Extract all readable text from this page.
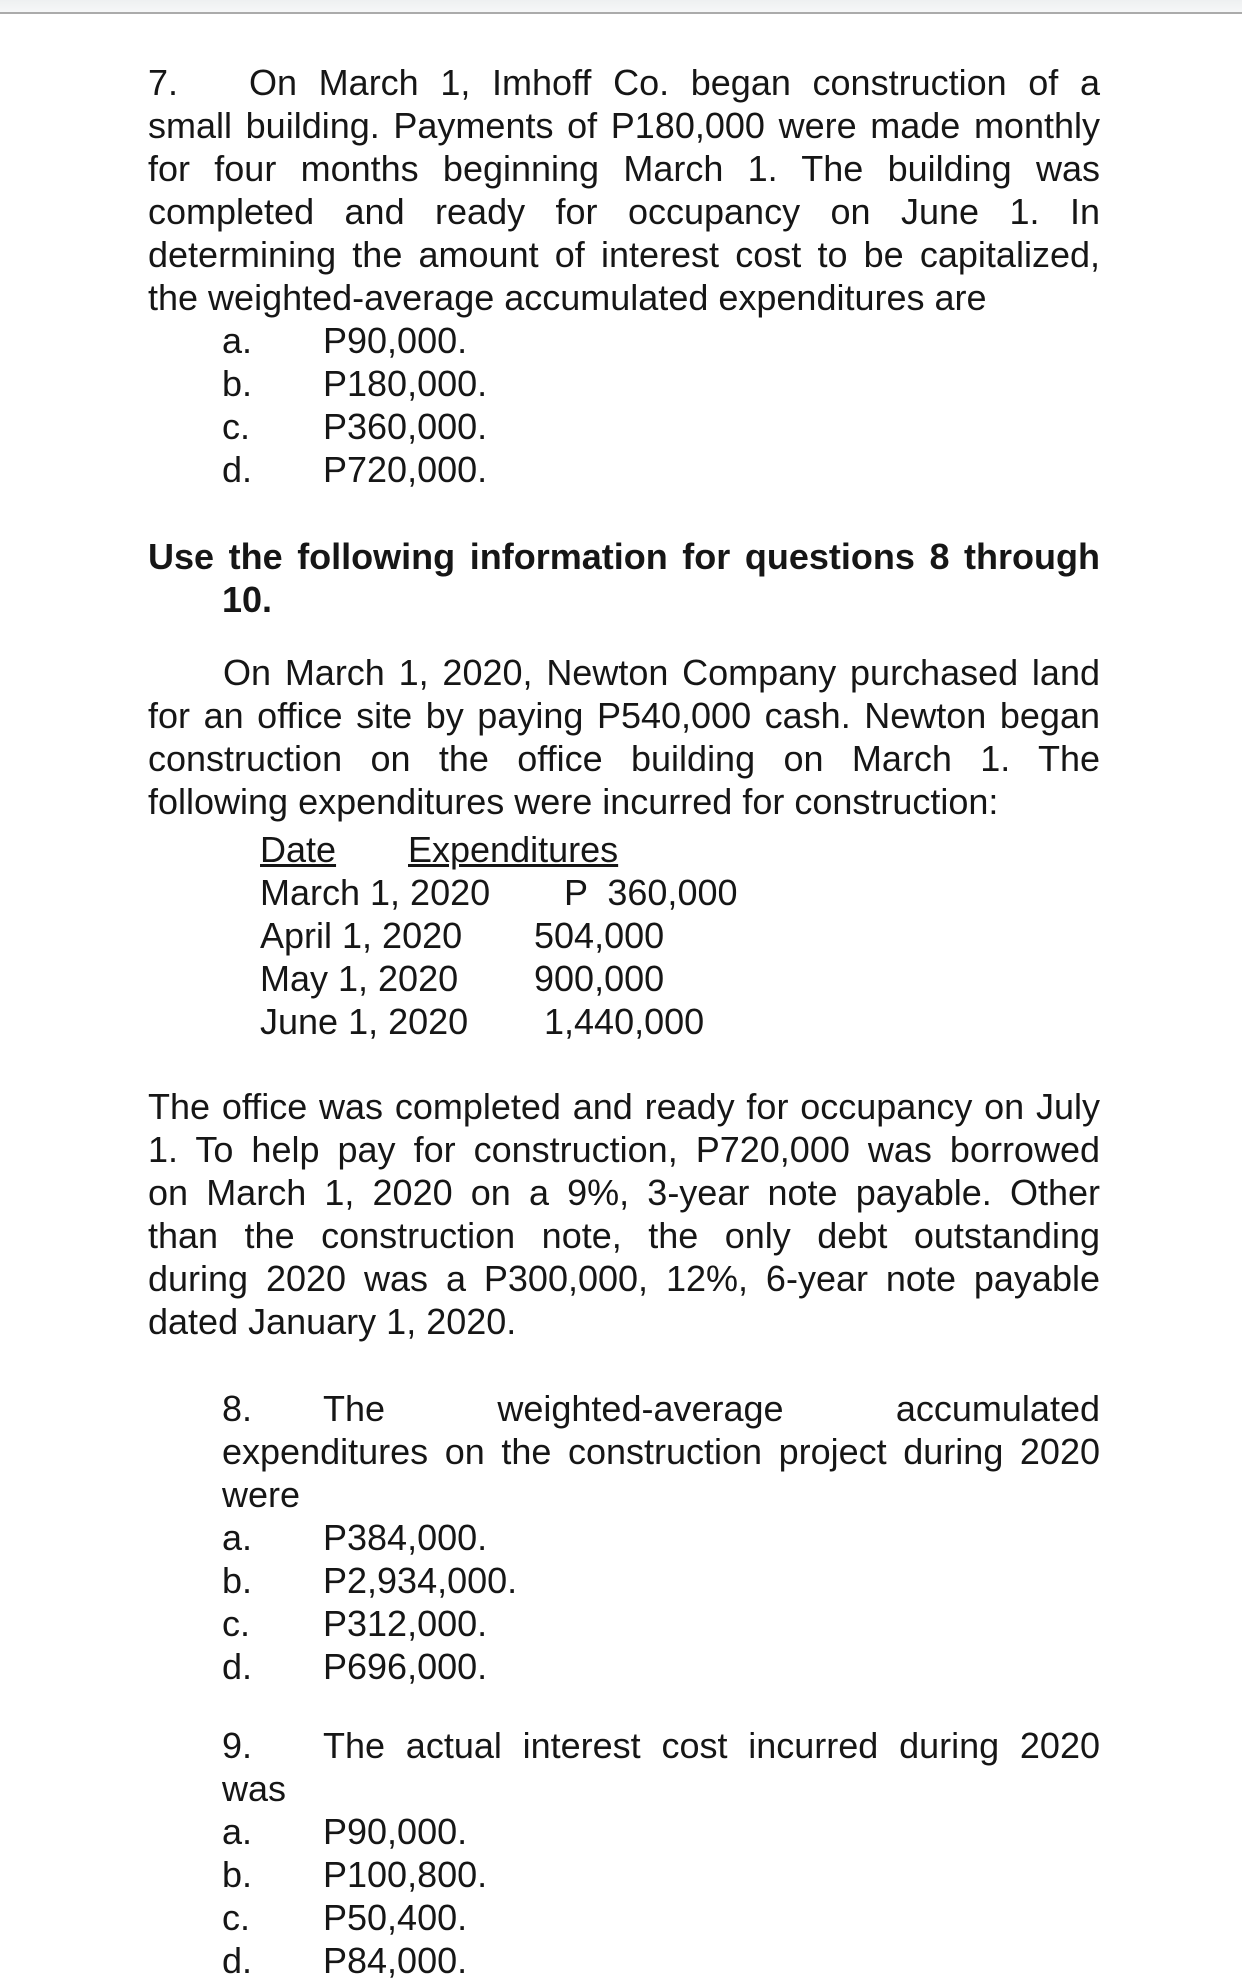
7. On March 1, Imhoff Co. began construction of a
small building. Payments of P180,000 were made monthly
for four months beginning March 1. The building was
completed and ready for occupancy on June 1. In
determining the amount of interest cost to be capitalized,
the weighted-average accumulated expenditures are
a. P90,000.
b. P180,000.
c. P360,000.
d. P720,000.
Use the following information for questions 8 through
10.
On March 1, 2020, Newton Company purchased land
for an office site by paying P540,000 cash. Newton began
construction on the office building on March 1. The
following expenditures were incurred for construction:
Date Expenditures
March 1, 2020   P  360,000
April 1, 2020 504,000
May 1, 2020 900,000
June 1, 2020 1,440,000
The office was completed and ready for occupancy on July
1. To help pay for construction, P720,000 was borrowed
on March 1, 2020 on a 9%, 3-year note payable. Other
than the construction note, the only debt outstanding
during 2020 was a P300,000, 12%, 6-year note payable
dated January 1, 2020.
8. The weighted-average accumulated
expenditures on the construction project during 2020
were
a. P384,000.
b. P2,934,000.
c. P312,000.
d. P696,000.
9. The actual interest cost incurred during 2020
was
a. P90,000.
b. P100,800.
c. P50,400.
d. P84,000.
